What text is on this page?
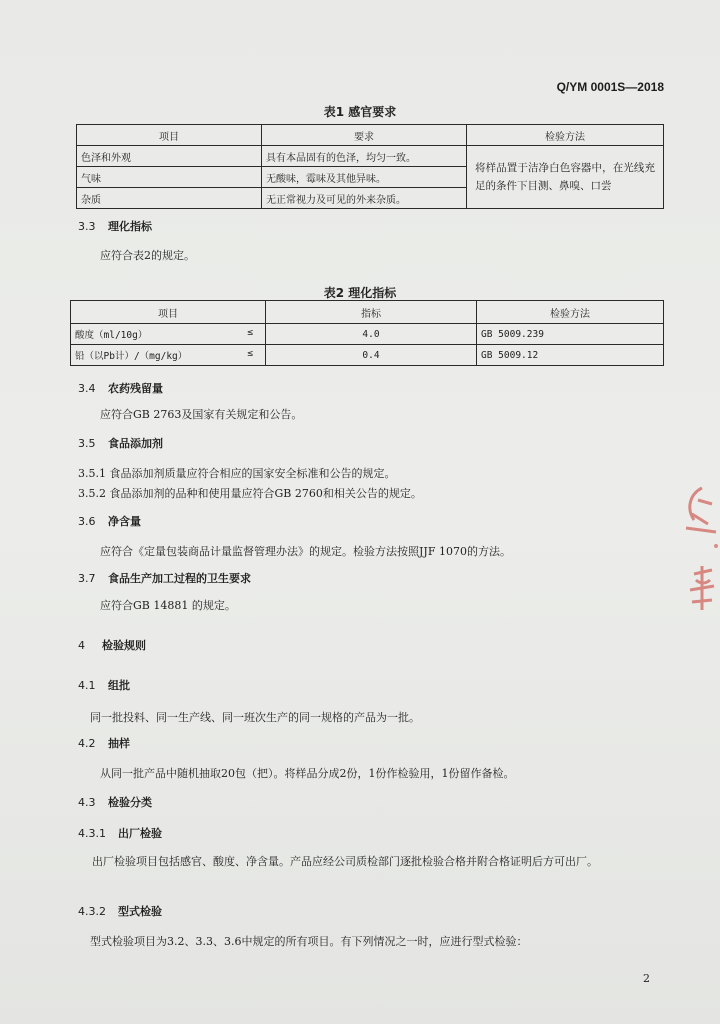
Q/YM 0001S—2018
表1 感官要求
项目	要求	检验方法
色泽和外观	具有本品固有的色泽，均匀一致。	将样品置于洁净白色容器中，在光线充足的条件下目测、鼻嗅、口尝
气味	无酸味，霉味及其他异味。	
杂质	无正常视力及可见的外来杂质。	
3.3 理化指标
应符合表2的规定。
表2 理化指标
项目	指标	检验方法
酸度（ml/10g） ≤	4.0	GB 5009.239
铅（以Pb计）/（mg/kg） ≤	0.4	GB 5009.12
3.4 农药残留量
应符合GB 2763及国家有关规定和公告。
3.5 食品添加剂
3.5.1 食品添加剂质量应符合相应的国家安全标准和公告的规定。
3.5.2 食品添加剂的品种和使用量应符合GB 2760和相关公告的规定。
3.6 净含量
应符合《定量包装商品计量监督管理办法》的规定。检验方法按照JJF 1070的方法。
3.7 食品生产加工过程的卫生要求
应符合GB 14881 的规定。
4 检验规则
4.1 组批
同一批投料、同一生产线、同一班次生产的同一规格的产品为一批。
4.2 抽样
从同一批产品中随机抽取20包（把）。将样品分成2份，1份作检验用，1份留作备检。
4.3 检验分类
4.3.1 出厂检验
出厂检验项目包括感官、酸度、净含量。产品应经公司质检部门逐批检验合格并附合格证明后方可出厂。
4.3.2 型式检验
型式检验项目为3.2、3.3、3.6中规定的所有项目。有下列情况之一时，应进行型式检验：
2
